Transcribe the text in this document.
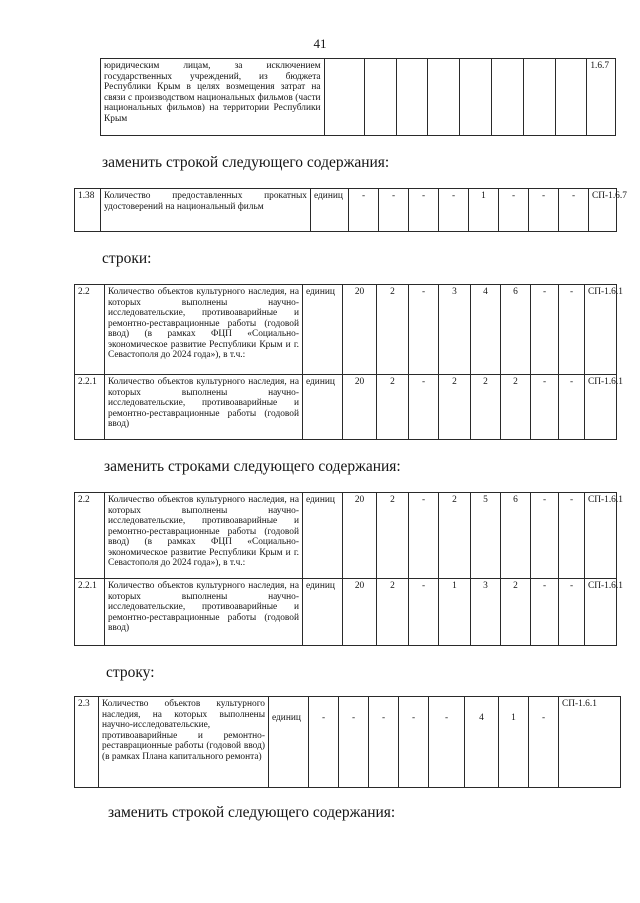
41
юридическим лицам, за исключением государственных учреждений, из бюджета Республики Крым в целях возмещения затрат на связи с производством национальных фильмов (части национальных фильмов) на территории Республики Крым									1.6.7
заменить строкой следующего содержания:
1.38	Количество предоставленных прокатных удостоверений на национальный фильм	единиц	-	-	-	-	1	-	-	-	СП-1.6.7
строки:
2.2	Количество объектов культурного наследия, на которых выполнены научно-исследовательские, противоаварийные и ремонтно-реставрационные работы (годовой ввод) (в рамках ФЦП «Социально-экономическое развитие Республики Крым и г. Севастополя до 2024 года»), в т.ч.:	единиц	20	2	-	3	4	6	-	-	СП-1.6.1
2.2.1	Количество объектов культурного наследия, на которых выполнены научно-исследовательские, противоаварийные и ремонтно-реставрационные работы (годовой ввод)	единиц	20	2	-	2	2	2	-	-	СП-1.6.1
заменить строками следующего содержания:
2.2	Количество объектов культурного наследия, на которых выполнены научно-исследовательские, противоаварийные и ремонтно-реставрационные работы (годовой ввод) (в рамках ФЦП «Социально-экономическое развитие Республики Крым и г. Севастополя до 2024 года»), в т.ч.:	единиц	20	2	-	2	5	6	-	-	СП-1.6.1
2.2.1	Количество объектов культурного наследия, на которых выполнены научно-исследовательские, противоаварийные и ремонтно-реставрационные работы (годовой ввод)	единиц	20	2	-	1	3	2	-	-	СП-1.6.1
строку:
2.3	Количество объектов культурного наследия, на которых выполнены научно-исследовательские, противоаварийные и ремонтно-реставрационные работы (годовой ввод) (в рамках Плана капитального ремонта)	единиц	-	-	-	-	-	4	1	-	СП-1.6.1
заменить строкой следующего содержания:
